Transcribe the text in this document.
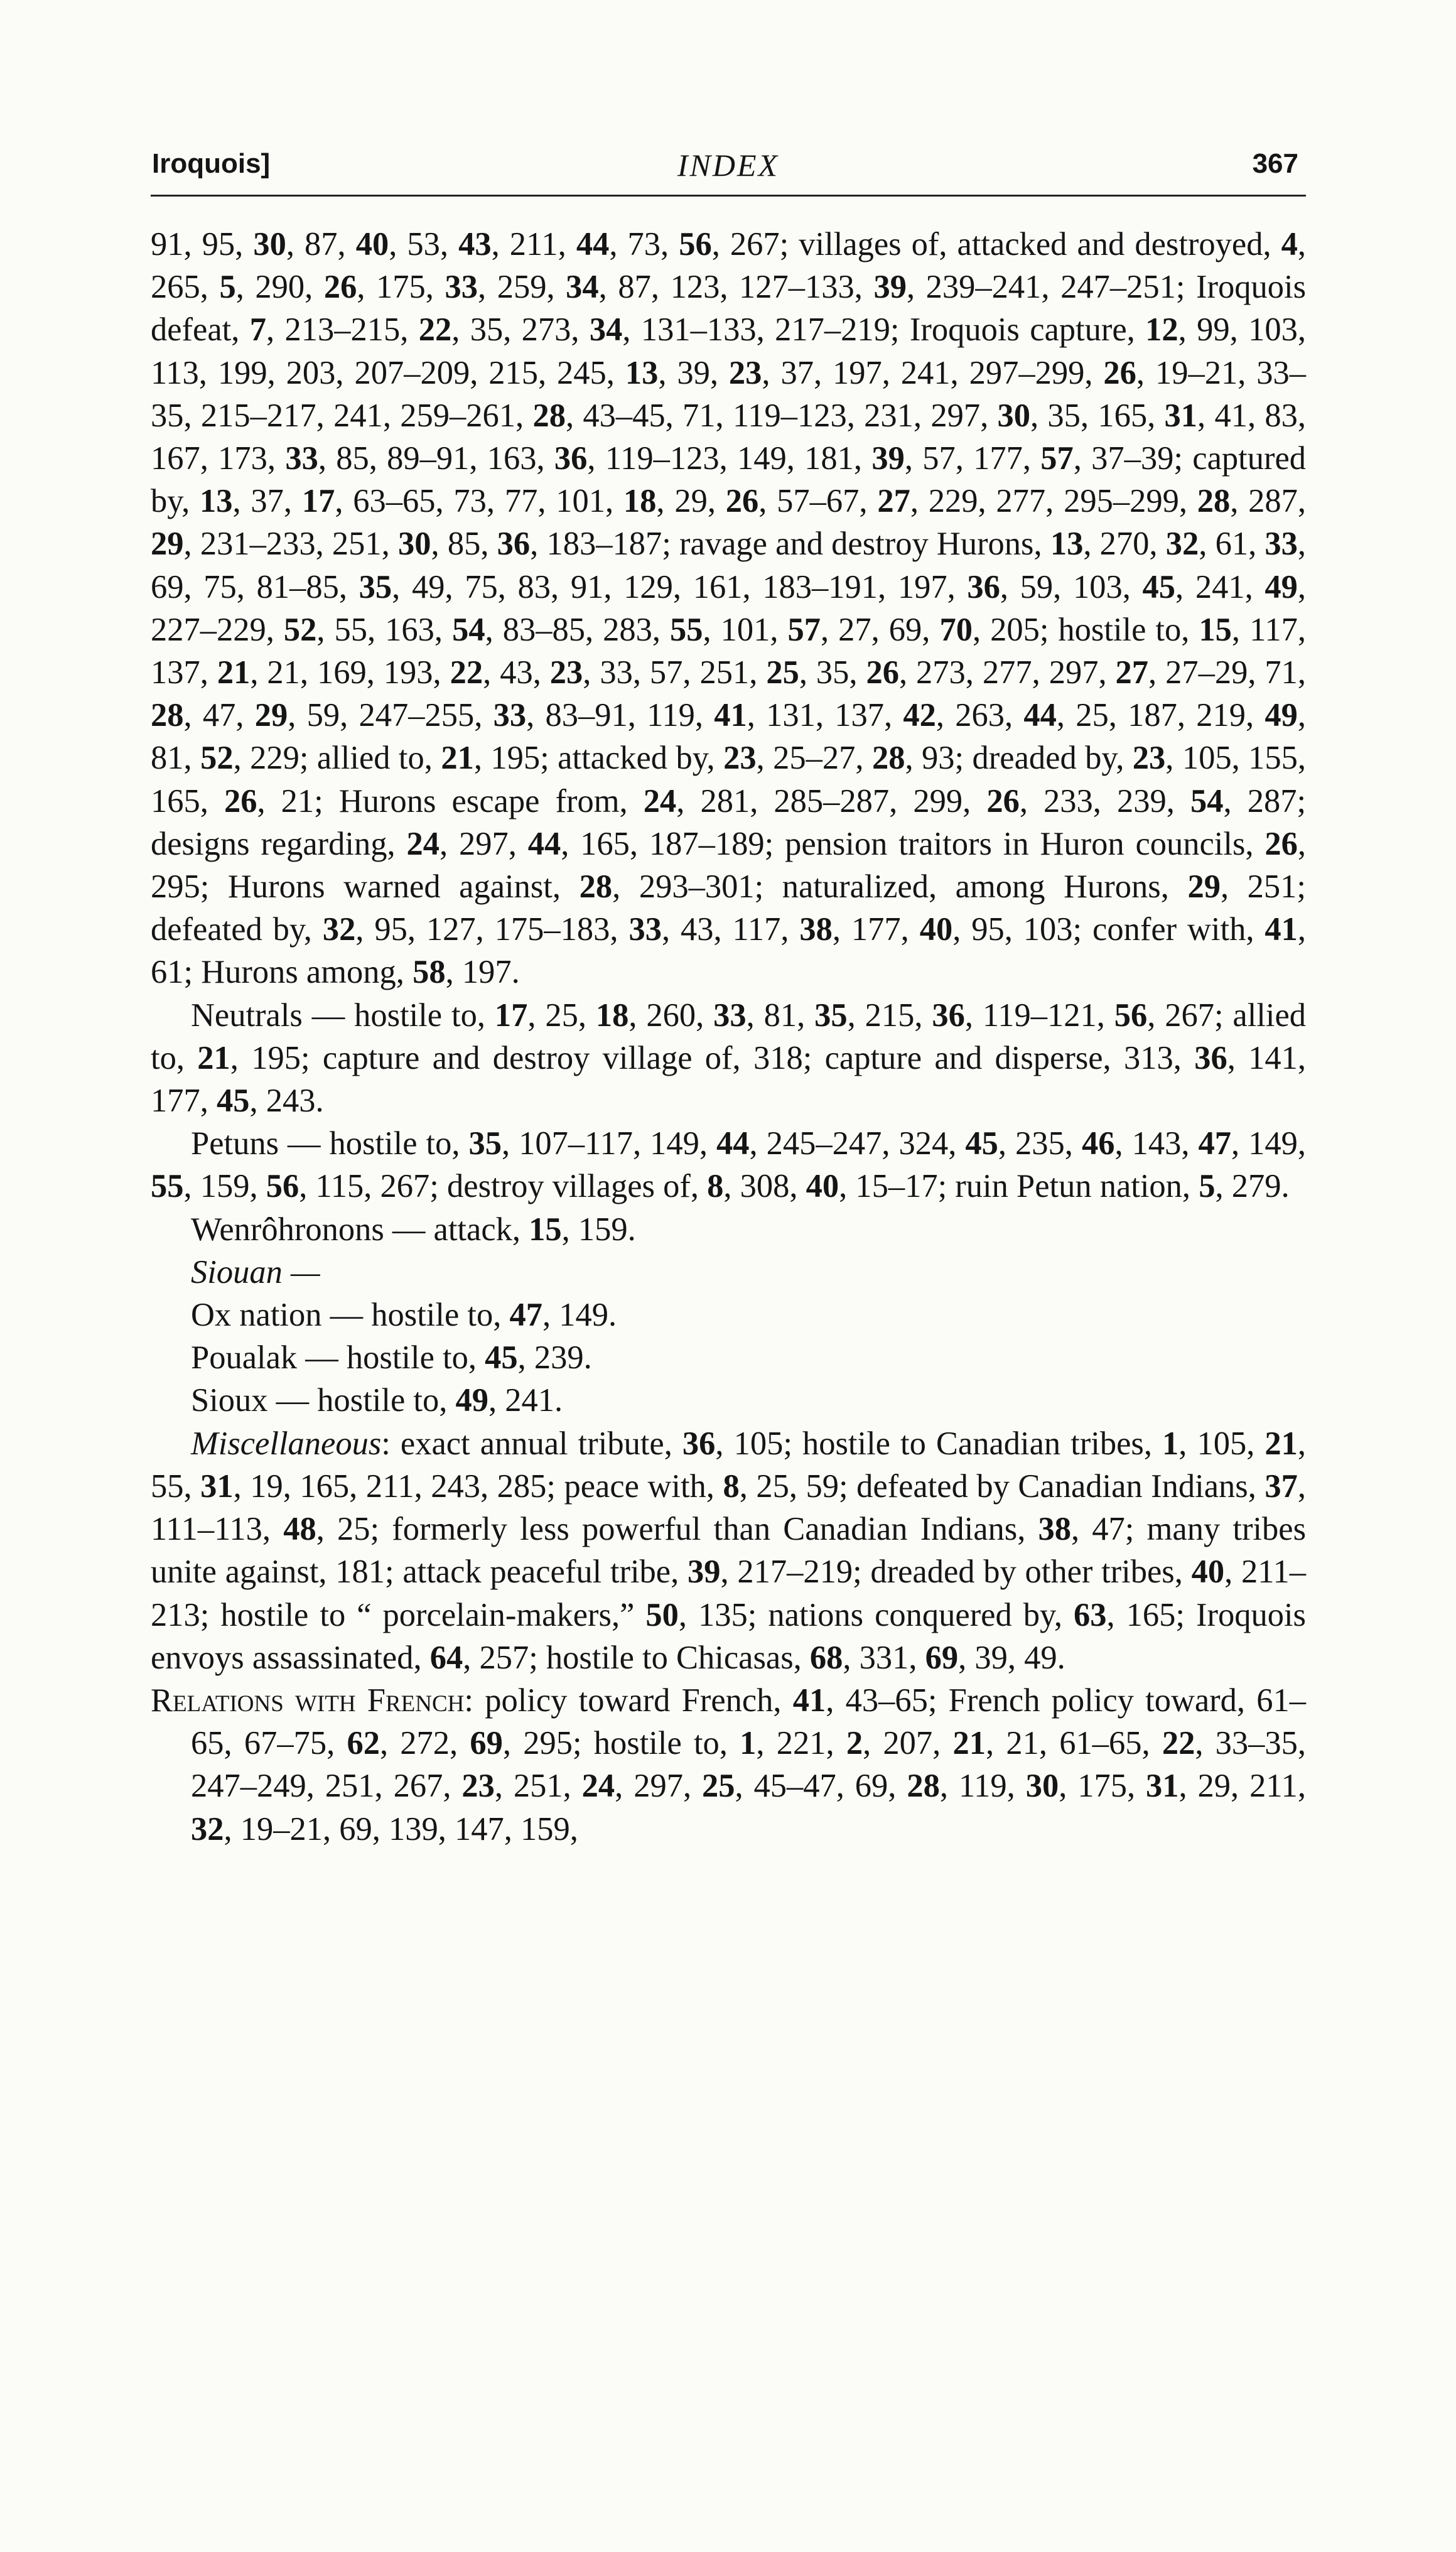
Iroquois]	INDEX	367

91, 95, 30, 87, 40, 53, 43, 211, 44, 73, 56, 267; villages of, attacked and destroyed, 4, 265, 5, 290, 26, 175, 33, 259, 34, 87, 123, 127–133, 39, 239–241, 247–251; Iroquois defeat, 7, 213–215, 22, 35, 273, 34, 131–133, 217–219; Iroquois capture, 12, 99, 103, 113, 199, 203, 207–209, 215, 245, 13, 39, 23, 37, 197, 241, 297–299, 26, 19–21, 33–35, 215–217, 241, 259–261, 28, 43–45, 71, 119–123, 231, 297, 30, 35, 165, 31, 41, 83, 167, 173, 33, 85, 89–91, 163, 36, 119–123, 149, 181, 39, 57, 177, 57, 37–39; captured by, 13, 37, 17, 63–65, 73, 77, 101, 18, 29, 26, 57–67, 27, 229, 277, 295–299, 28, 287, 29, 231–233, 251, 30, 85, 36, 183–187; ravage and destroy Hurons, 13, 270, 32, 61, 33, 69, 75, 81–85, 35, 49, 75, 83, 91, 129, 161, 183–191, 197, 36, 59, 103, 45, 241, 49, 227–229, 52, 55, 163, 54, 83–85, 283, 55, 101, 57, 27, 69, 70, 205; hostile to, 15, 117, 137, 21, 21, 169, 193, 22, 43, 23, 33, 57, 251, 25, 35, 26, 273, 277, 297, 27, 27–29, 71, 28, 47, 29, 59, 247–255, 33, 83–91, 119, 41, 131, 137, 42, 263, 44, 25, 187, 219, 49, 81, 52, 229; allied to, 21, 195; attacked by, 23, 25–27, 28, 93; dreaded by, 23, 105, 155, 165, 26, 21; Hurons escape from, 24, 281, 285–287, 299, 26, 233, 239, 54, 287; designs regarding, 24, 297, 44, 165, 187–189; pension traitors in Huron councils, 26, 295; Hurons warned against, 28, 293–301; naturalized, among Hurons, 29, 251; defeated by, 32, 95, 127, 175–183, 33, 43, 117, 38, 177, 40, 95, 103; confer with, 41, 61; Hurons among, 58, 197.

Neutrals — hostile to, 17, 25, 18, 260, 33, 81, 35, 215, 36, 119–121, 56, 267; allied to, 21, 195; capture and destroy village of, 318; capture and disperse, 313, 36, 141, 177, 45, 243.

Petuns — hostile to, 35, 107–117, 149, 44, 245–247, 324, 45, 235, 46, 143, 47, 149, 55, 159, 56, 115, 267; destroy villages of, 8, 308, 40, 15–17; ruin Petun nation, 5, 279.

Wenrôhronons — attack, 15, 159.

Siouan —

Ox nation — hostile to, 47, 149.

Poualak — hostile to, 45, 239.

Sioux — hostile to, 49, 241.

Miscellaneous: exact annual tribute, 36, 105; hostile to Canadian tribes, 1, 105, 21, 55, 31, 19, 165, 211, 243, 285; peace with, 8, 25, 59; defeated by Canadian Indians, 37, 111–113, 48, 25; formerly less powerful than Canadian Indians, 38, 47; many tribes unite against, 181; attack peaceful tribe, 39, 217–219; dreaded by other tribes, 40, 211–213; hostile to “ porcelain-makers,” 50, 135; nations conquered by, 63, 165; Iroquois envoys assassinated, 64, 257; hostile to Chicasas, 68, 331, 69, 39, 49.

Relations with French: policy toward French, 41, 43–65; French policy toward, 61–65, 67–75, 62, 272, 69, 295; hostile to, 1, 221, 2, 207, 21, 21, 61–65, 22, 33–35, 247–249, 251, 267, 23, 251, 24, 297, 25, 45–47, 69, 28, 119, 30, 175, 31, 29, 211, 32, 19–21, 69, 139, 147, 159,
